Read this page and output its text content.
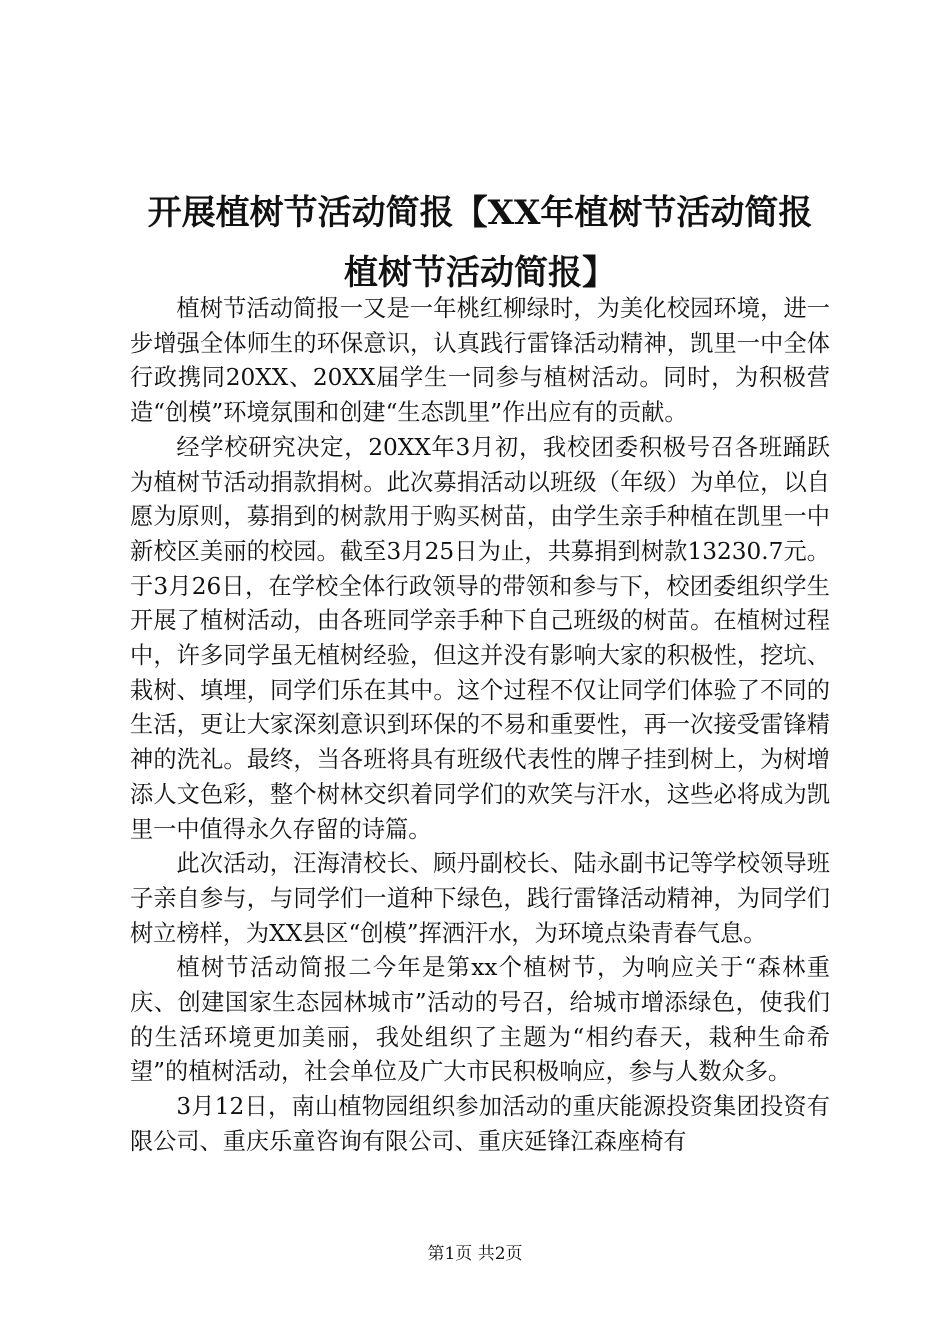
开展植树节活动简报【XX年植树节活动简报
植树节活动简报】

植树节活动简报一又是一年桃红柳绿时，为美化校园环境，进一步增强全体师生的环保意识，认真践行雷锋活动精神，凯里一中全体行政携同20XX、20XX届学生一同参与植树活动。同时，为积极营造“创模”环境氛围和创建“生态凯里”作出应有的贡献。

经学校研究决定，20XX年3月初，我校团委积极号召各班踊跃为植树节活动捐款捐树。此次募捐活动以班级（年级）为单位，以自愿为原则，募捐到的树款用于购买树苗，由学生亲手种植在凯里一中新校区美丽的校园。截至3月25日为止，共募捐到树款13230.7元。于3月26日，在学校全体行政领导的带领和参与下，校团委组织学生开展了植树活动，由各班同学亲手种下自己班级的树苗。在植树过程中，许多同学虽无植树经验，但这并没有影响大家的积极性，挖坑、栽树、填埋，同学们乐在其中。这个过程不仅让同学们体验了不同的生活，更让大家深刻意识到环保的不易和重要性，再一次接受雷锋精神的洗礼。最终，当各班将具有班级代表性的牌子挂到树上，为树增添人文色彩，整个树林交织着同学们的欢笑与汗水，这些必将成为凯里一中值得永久存留的诗篇。

此次活动，汪海清校长、顾丹副校长、陆永副书记等学校领导班子亲自参与，与同学们一道种下绿色，践行雷锋活动精神，为同学们树立榜样，为XX县区“创模”挥洒汗水，为环境点染青春气息。

植树节活动简报二今年是第xx个植树节，为响应关于“森林重庆、创建国家生态园林城市”活动的号召，给城市增添绿色，使我们的生活环境更加美丽，我处组织了主题为“相约春天，栽种生命希望”的植树活动，社会单位及广大市民积极响应，参与人数众多。

3月12日，南山植物园组织参加活动的重庆能源投资集团投资有限公司、重庆乐童咨询有限公司、重庆延锋江森座椅有

第1页 共2页
